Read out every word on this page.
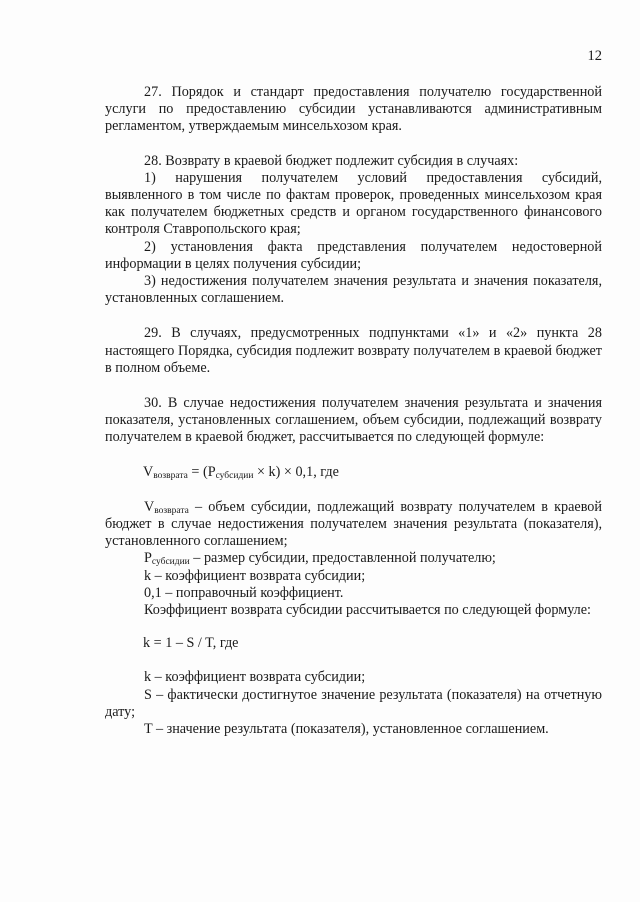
12

27. Порядок и стандарт предоставления получателю государственной услуги по предоставлению субсидии устанавливаются административным регламентом, утверждаемым минсельхозом края.

28. Возврату в краевой бюджет подлежит субсидия в случаях:

1) нарушения получателем условий предоставления субсидий, выявленного в том числе по фактам проверок, проведенных минсельхозом края как получателем бюджетных средств и органом государственного финансового контроля Ставропольского края;

2) установления факта представления получателем недостоверной информации в целях получения субсидии;

3) недостижения получателем значения результата и значения показателя, установленных соглашением.

29. В случаях, предусмотренных подпунктами «1» и «2» пункта 28 настоящего Порядка, субсидия подлежит возврату получателем в краевой бюджет в полном объеме.

30. В случае недостижения получателем значения результата и значения показателя, установленных соглашением, объем субсидии, подлежащий возврату получателем в краевой бюджет, рассчитывается по следующей формуле:

$V_{возврата} = (P_{субсидии} \times k) \times 0,1$, где

$V_{возврата}$ – объем субсидии, подлежащий возврату получателем в краевой бюджет в случае недостижения получателем значения результата (показателя), установленного соглашением;

$P_{субсидии}$ – размер субсидии, предоставленной получателю;

k – коэффициент возврата субсидии;

0,1 – поправочный коэффициент.

Коэффициент возврата субсидии рассчитывается по следующей формуле:

k = 1 – S / T, где

k – коэффициент возврата субсидии;

S – фактически достигнутое значение результата (показателя) на отчетную дату;

T – значение результата (показателя), установленное соглашением.
